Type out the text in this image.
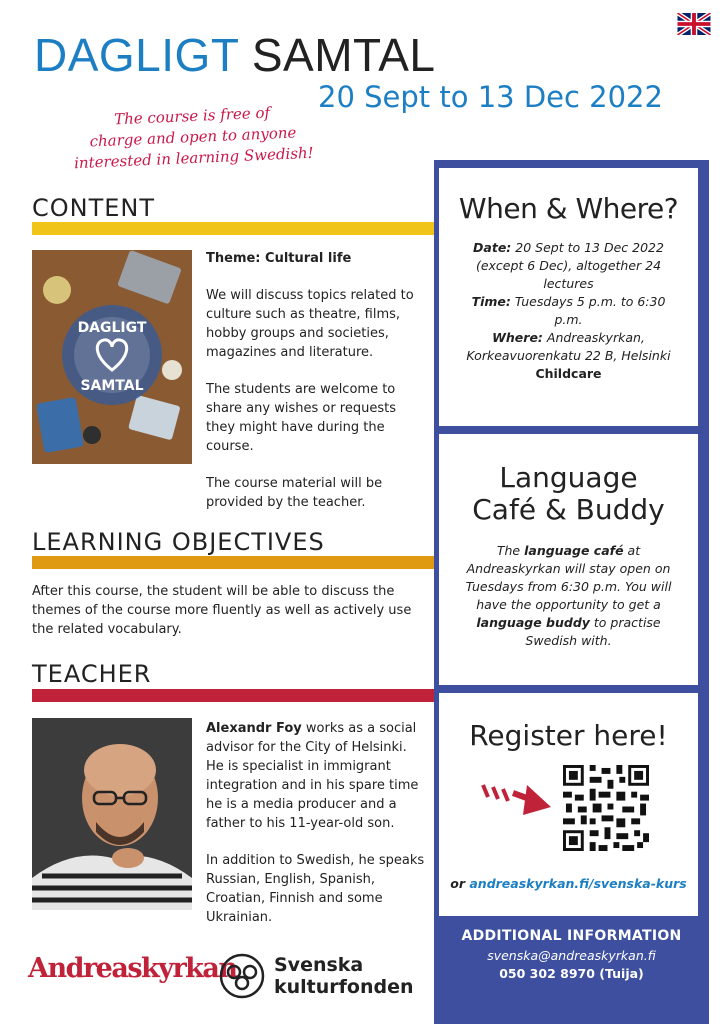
DAGLIGT SAMTAL
20 Sept to 13 Dec 2022
The course is free of
charge and open to anyone
interested in learning Swedish!
CONTENT
DAGLIGT
SAMTAL

Theme: Cultural life

We will discuss topics related to culture such as theatre, films, hobby groups and societies, magazines and literature.

The students are welcome to share any wishes or requests they might have during the course.

The course material will be provided by the teacher.

LEARNING OBJECTIVES
After this course, the student will be able to discuss the themes of the course more fluently as well as actively use the related vocabulary.
TEACHER

Alexandr Foy works as a social advisor for the City of Helsinki. He is specialist in immigrant integration and in his spare time he is a media producer and a father to his 11-year-old son.

In addition to Swedish, he speaks Russian, English, Spanish, Croatian, Finnish and some Ukrainian.

Andreaskyrkan Svenska
kulturfonden
When & Where?
Date: 20 Sept to 13 Dec 2022 (except 6 Dec), altogether 24 lectures
Time: Tuesdays 5 p.m. to 6:30 p.m.
Where: Andreaskyrkan, Korkeavuorenkatu 22 B, Helsinki
Childcare
Language
Café & Buddy
The language café at Andreaskyrkan will stay open on Tuesdays from 6:30 p.m. You will have the opportunity to get a language buddy to practise Swedish with.
Register here!
or andreaskyrkan.fi/svenska-kurs
ADDITIONAL INFORMATION
svenska@andreaskyrkan.fi
050 302 8970 (Tuija)
